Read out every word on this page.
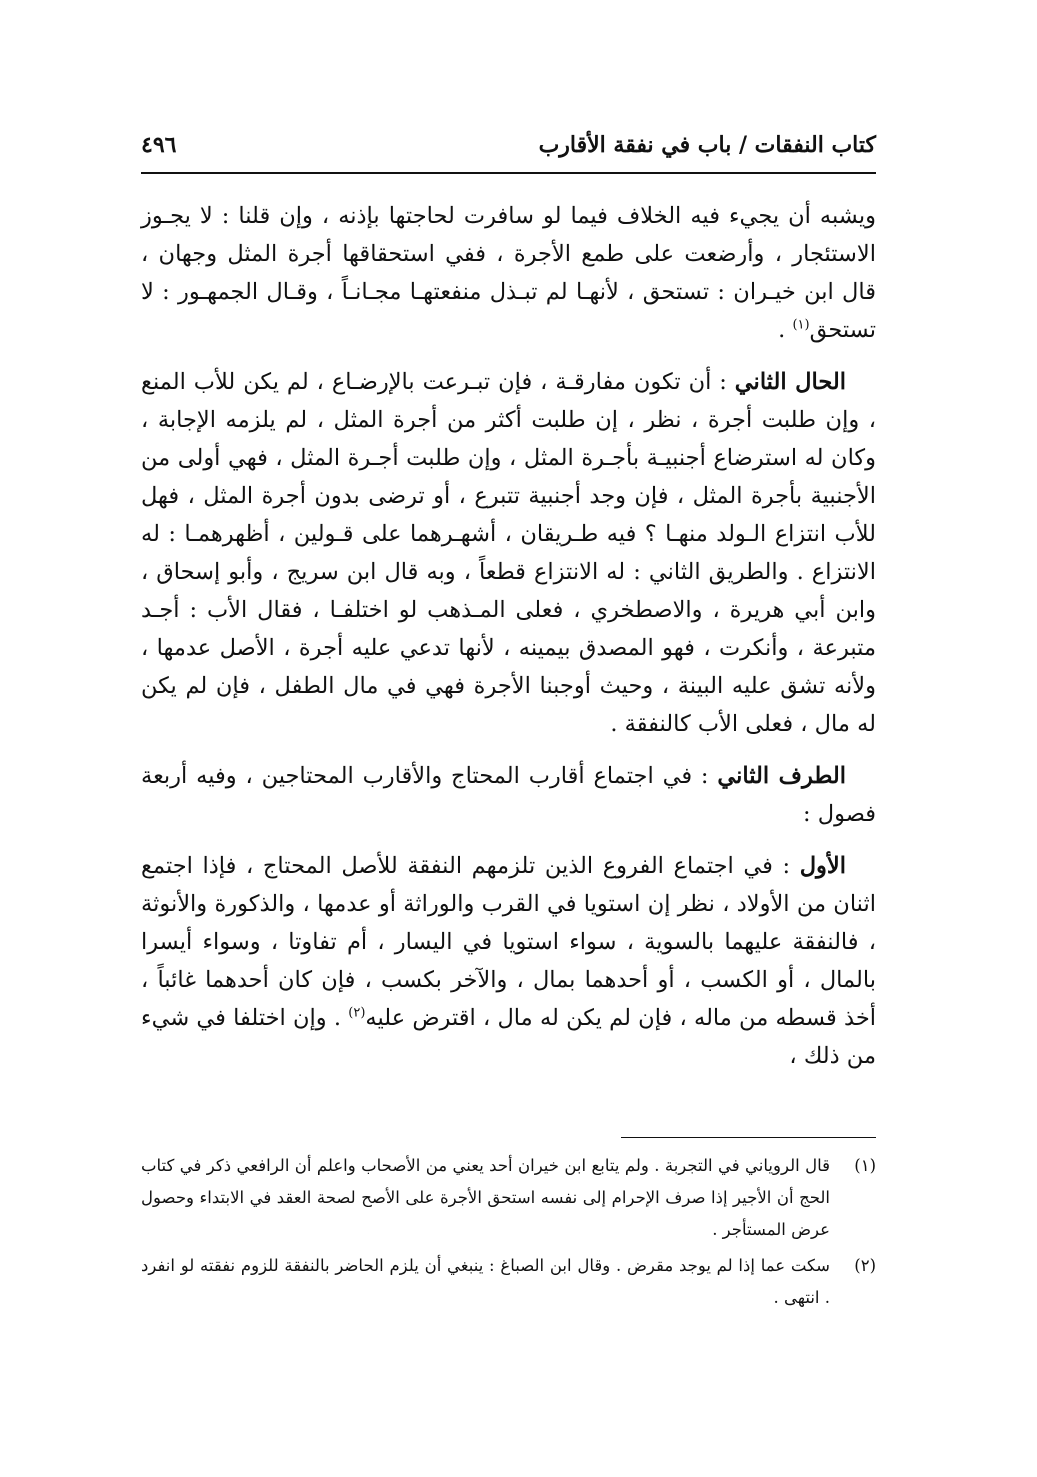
كتاب النفقات / باب في نفقة الأقارب
٤٩٦

ويشبه أن يجيء فيه الخلاف فيما لو سافرت لحاجتها بإذنه ، وإن قلنا : لا يجـوز الاستئجار ، وأرضعت على طمع الأجرة ، ففي استحقاقها أجرة المثل وجهان ، قال ابن خيـران : تستحق ، لأنهـا لم تبـذل منفعتهـا مجـانـاً ، وقـال الجمهـور : لا تستحق$^{(١)}$ .

الحال الثاني : أن تكون مفارقـة ، فإن تبـرعت بالإرضـاع ، لم يكن للأب المنع ، وإن طلبت أجرة ، نظر ، إن طلبت أكثر من أجرة المثل ، لم يلزمه الإجابة ، وكان له استرضاع أجنبيـة بأجـرة المثل ، وإن طلبت أجـرة المثل ، فهي أولى من الأجنبية بأجرة المثل ، فإن وجد أجنبية تتبرع ، أو ترضى بدون أجرة المثل ، فهل للأب انتزاع الـولد منهـا ؟ فيه طـريقان ، أشهـرهما على قـولين ، أظهرهمـا : له الانتزاع . والطريق الثاني : له الانتزاع قطعاً ، وبه قال ابن سريج ، وأبو إسحاق ، وابن أبي هريرة ، والاصطخري ، فعلى المـذهب لو اختلفـا ، فقال الأب : أجـد متبرعة ، وأنكرت ، فهو المصدق بيمينه ، لأنها تدعي عليه أجرة ، الأصل عدمها ، ولأنه تشق عليه البينة ، وحيث أوجبنا الأجرة فهي في مال الطفل ، فإن لم يكن له مال ، فعلى الأب كالنفقة .

الطرف الثاني : في اجتماع أقارب المحتاج والأقارب المحتاجين ، وفيه أربعة فصول :

الأول : في اجتماع الفروع الذين تلزمهم النفقة للأصل المحتاج ، فإذا اجتمع اثنان من الأولاد ، نظر إن استويا في القرب والوراثة أو عدمها ، والذكورة والأنوثة ، فالنفقة عليهما بالسوية ، سواء استويا في اليسار ، أم تفاوتا ، وسواء أيسرا بالمال ، أو الكسب ، أو أحدهما بمال ، والآخر بكسب ، فإن كان أحدهما غائباً ، أخذ قسطه من ماله ، فإن لم يكن له مال ، اقترض عليه$^{(٢)}$ . وإن اختلفا في شيء من ذلك ،

(١)
قال الروياني في التجربة . ولم يتابع ابن خيران أحد يعني من الأصحاب واعلم أن الرافعي ذكر في كتاب الحج أن الأجير إذا صرف الإحرام إلى نفسه استحق الأجرة على الأصح لصحة العقد في الابتداء وحصول عرض المستأجر .
(٢)
سكت عما إذا لم يوجد مقرض . وقال ابن الصباغ : ينبغي أن يلزم الحاضر بالنفقة للزوم نفقته لو انفرد . انتهى .
